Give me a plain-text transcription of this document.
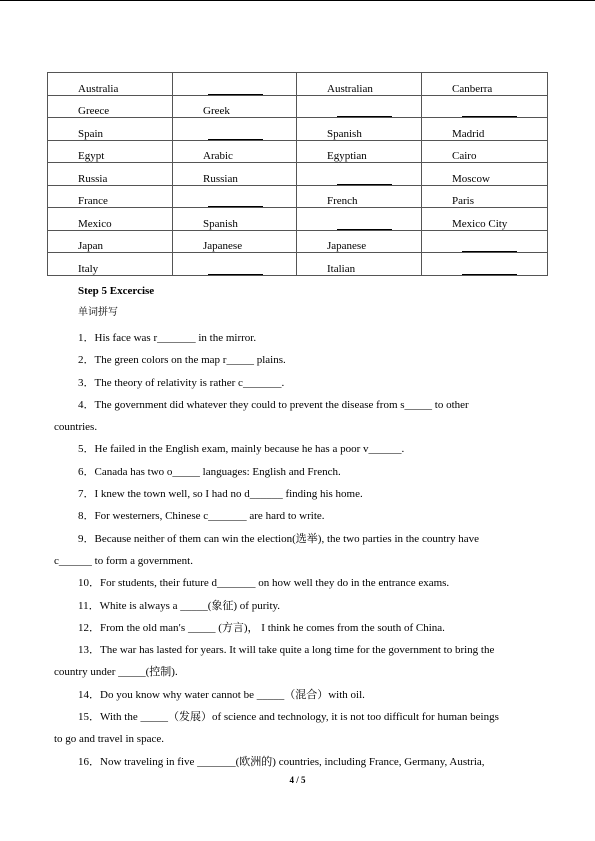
Australia		Australian	Canberra
Greece	Greek		
Spain		Spanish	Madrid
Egypt	Arabic	Egyptian	Cairo
Russia	Russian		Moscow
France		French	Paris
Mexico	Spanish		Mexico City
Japan	Japanese	Japanese	
Italy		Italian	
Step 5 Excercise
单词拼写
1．His face was r_______ in the mirror.
2．The green colors on the map r_____ plains.
3．The theory of relativity is rather c_______.
4．The government did whatever they could to prevent the disease from s_____ to other
countries.
5．He failed in the English exam, mainly because he has a poor v______.
6．Canada has two o_____ languages: English and French.
7．I knew the town well, so I had no d______ finding his home.
8．For westerners, Chinese c_______ are hard to write.
9．Because neither of them can win the election(选举), the two parties in the country have
c______ to form a government.
10．For students, their future d_______ on how well they do in the entrance exams.
11．White is always a _____(象征) of purity.
12．From the old man′s _____ (方言)， I think he comes from the south of China.
13．The war has lasted for years. It will take quite a long time for the government to bring the
country under _____(控制).
14．Do you know why water cannot be _____（混合）with oil.
15．With the _____（发展）of science and technology, it is not too difficult for human beings
to go and travel in space.
16．Now traveling in five _______(欧洲的) countries, including France, Germany, Austria,
4 / 5
